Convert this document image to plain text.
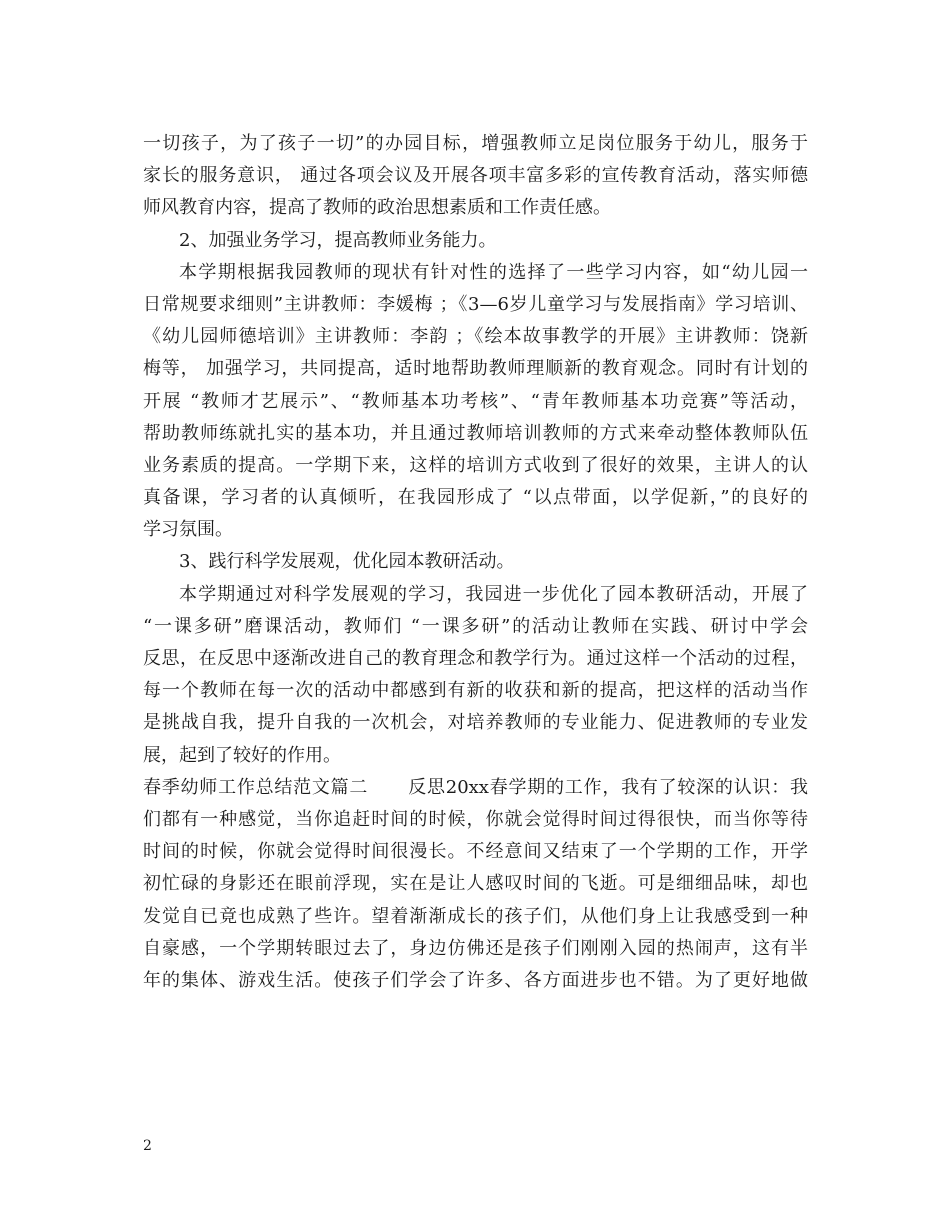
一切孩子，为了孩子一切”的办园目标，增强教师立足岗位服务于幼儿，服务于
家长的服务意识， 通过各项会议及开展各项丰富多彩的宣传教育活动，落实师德
师风教育内容，提高了教师的政治思想素质和工作责任感。
2、加强业务学习，提高教师业务能力。
本学期根据我园教师的现状有针对性的选择了一些学习内容，如“幼儿园一
日常规要求细则”主讲教师：李媛梅 ；《3—6岁儿童学习与发展指南》学习培训、
《幼儿园师德培训》主讲教师：李韵 ；《绘本故事教学的开展》主讲教师：饶新
梅等， 加强学习，共同提高，适时地帮助教师理顺新的教育观念。同时有计划的
开展 “教师才艺展示”、“教师基本功考核”、“青年教师基本功竞赛”等活动，
帮助教师练就扎实的基本功，并且通过教师培训教师的方式来牵动整体教师队伍
业务素质的提高。一学期下来，这样的培训方式收到了很好的效果，主讲人的认
真备课，学习者的认真倾听，在我园形成了 “以点带面，以学促新，”的良好的
学习氛围。
3、践行科学发展观，优化园本教研活动。
本学期通过对科学发展观的学习，我园进一步优化了园本教研活动，开展了
“一课多研”磨课活动，教师们 “一课多研”的活动让教师在实践、研讨中学会
反思，在反思中逐渐改进自己的教育理念和教学行为。通过这样一个活动的过程，
每一个教师在每一次的活动中都感到有新的收获和新的提高，把这样的活动当作
是挑战自我，提升自我的一次机会，对培养教师的专业能力、促进教师的专业发
展，起到了较好的作用。
春季幼师工作总结范文篇二 反思20xx春学期的工作，我有了较深的认识：我
们都有一种感觉，当你追赶时间的时候，你就会觉得时间过得很快，而当你等待
时间的时候，你就会觉得时间很漫长。不经意间又结束了一个学期的工作，开学
初忙碌的身影还在眼前浮现，实在是让人感叹时间的飞逝。可是细细品味，却也
发觉自已竟也成熟了些许。望着渐渐成长的孩子们，从他们身上让我感受到一种
自豪感，一个学期转眼过去了，身边仿佛还是孩子们刚刚入园的热闹声，这有半
年的集体、游戏生活。使孩子们学会了许多、各方面进步也不错。为了更好地做
2
